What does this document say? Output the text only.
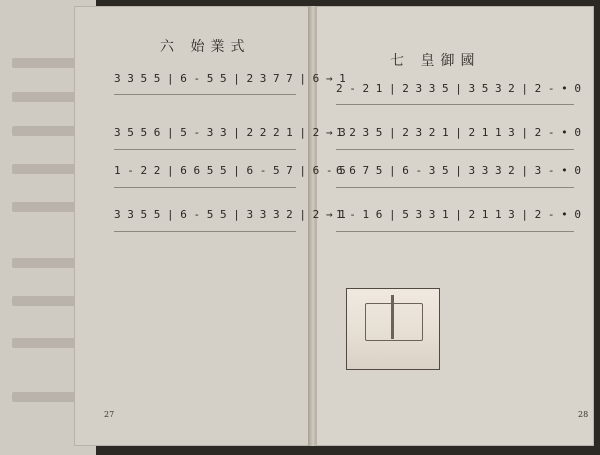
六 始業式
七 皇御國
3 3 5 5 | 6 - 5 5 | 2 3 7 7 | 6 → 1
3 5 5 6 | 5 - 3 3 | 2 2 2 1 | 2 → 3
1 - 2 2 | 6 6 5 5 | 6 - 5 7 | 6 - 5
3 3 5 5 | 6 - 5 5 | 3 3 3 2 | 2 → 1
2 - 2 1 | 2 3 3 5 | 3 5 3 2 | 2 - • 0
1 2 3 5 | 2 3 2 1 | 2 1 1 3 | 2 - • 0
6 6 7 5 | 6 - 3 5 | 3 3 3 2 | 3 - • 0
1 - 1 6 | 5 3 3 1 | 2 1 1 3 | 2 - • 0
27	28
